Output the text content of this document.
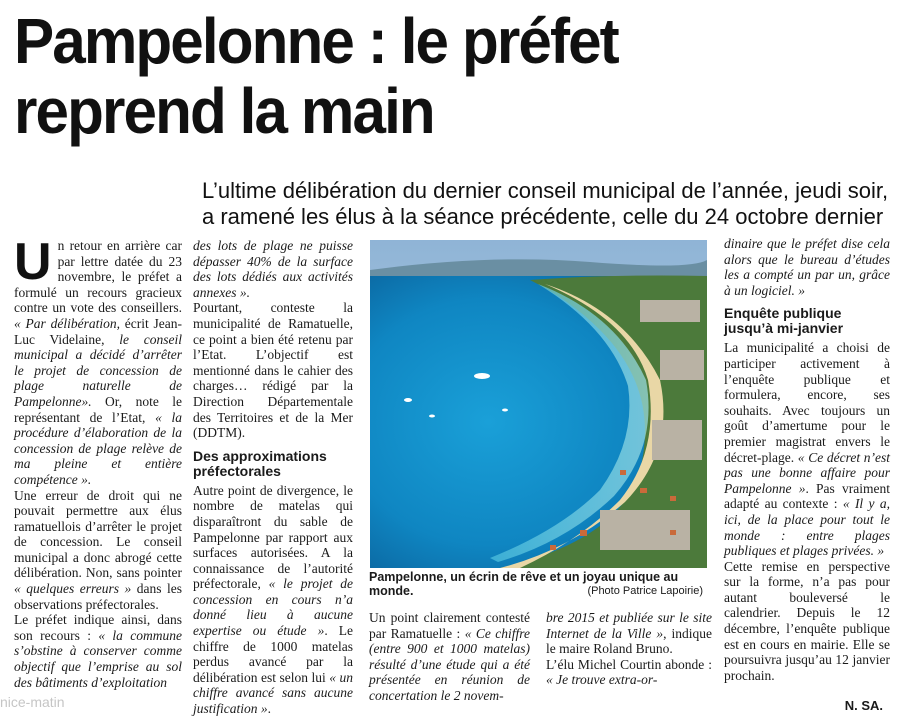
Pampelonne : le préfet reprend la main

L’ultime délibération du dernier conseil municipal de l’année, jeudi soir, a ramené les élus à la séance précédente, celle du 24 octobre dernier

Un retour en arrière car par lettre datée du 23 novembre, le préfet a formulé un recours gracieux contre un vote des conseillers. « Par délibération, écrit Jean-Luc Videlaine, le conseil municipal a décidé d’arrêter le projet de concession de plage naturelle de Pampelonne». Or, note le représentant de l’Etat, « la procédure d’élaboration de la concession de plage relève de ma pleine et entière compétence ».

Une erreur de droit qui ne pouvait permettre aux élus ramatuellois d’arrêter le projet de concession. Le conseil municipal a donc abrogé cette délibération. Non, sans pointer « quelques erreurs » dans les observations préfectorales.

Le préfet indique ainsi, dans son recours : « la commune s’obstine à conserver comme objectif que l’emprise au sol des bâtiments d’exploitation

des lots de plage ne puisse dépasser 40% de la surface des lots dédiés aux activités annexes ».

Pourtant, conteste la municipalité de Ramatuelle, ce point a bien été retenu par l’Etat. L’objectif est mentionné dans le cahier des charges… rédigé par la Direction Départementale des Territoires et de la Mer (DDTM).

Des approximations préfectorales

Autre point de divergence, le nombre de matelas qui disparaîtront du sable de Pampelonne par rapport aux surfaces autorisées. A la connaissance de l’autorité préfectorale, « le projet de concession en cours n’a donné lieu à aucune expertise ou étude ». Le chiffre de 1000 matelas perdus avancé par la délibération est selon lui « un chiffre avancé sans aucune justification ».

Pampelonne, un écrin de rêve et un joyau unique au monde.	(Photo Patrice Lapoirie)

Un point clairement contesté par Ramatuelle : « Ce chiffre (entre 900 et 1000 matelas) résulté d’une étude qui a été présentée en réunion de concertation le 2 novem-

bre 2015 et publiée sur le site Internet de la Ville », indique le maire Roland Bruno.

L’élu Michel Courtin abonde : « Je trouve extra-or-

dinaire que le préfet dise cela alors que le bureau d’études les a compté un par un, grâce à un logiciel. »

Enquête publique jusqu’à mi-janvier

La municipalité a choisi de participer activement à l’enquête publique et formulera, encore, ses souhaits. Avec toujours un goût d’amertume pour le premier magistrat envers le décret-plage. « Ce décret n’est pas une bonne affaire pour Pampelonne ». Pas vraiment adapté au contexte : « Il y a, ici, de la place pour tout le monde : entre plages publiques et plages privées. »

Cette remise en perspective sur la forme, n’a pas pour autant bouleversé le calendrier. Depuis le 12 décembre, l’enquête publique est en cours en mairie. Elle se poursuivra jusqu’au 12 janvier prochain.

N. SA.
nice-matin
